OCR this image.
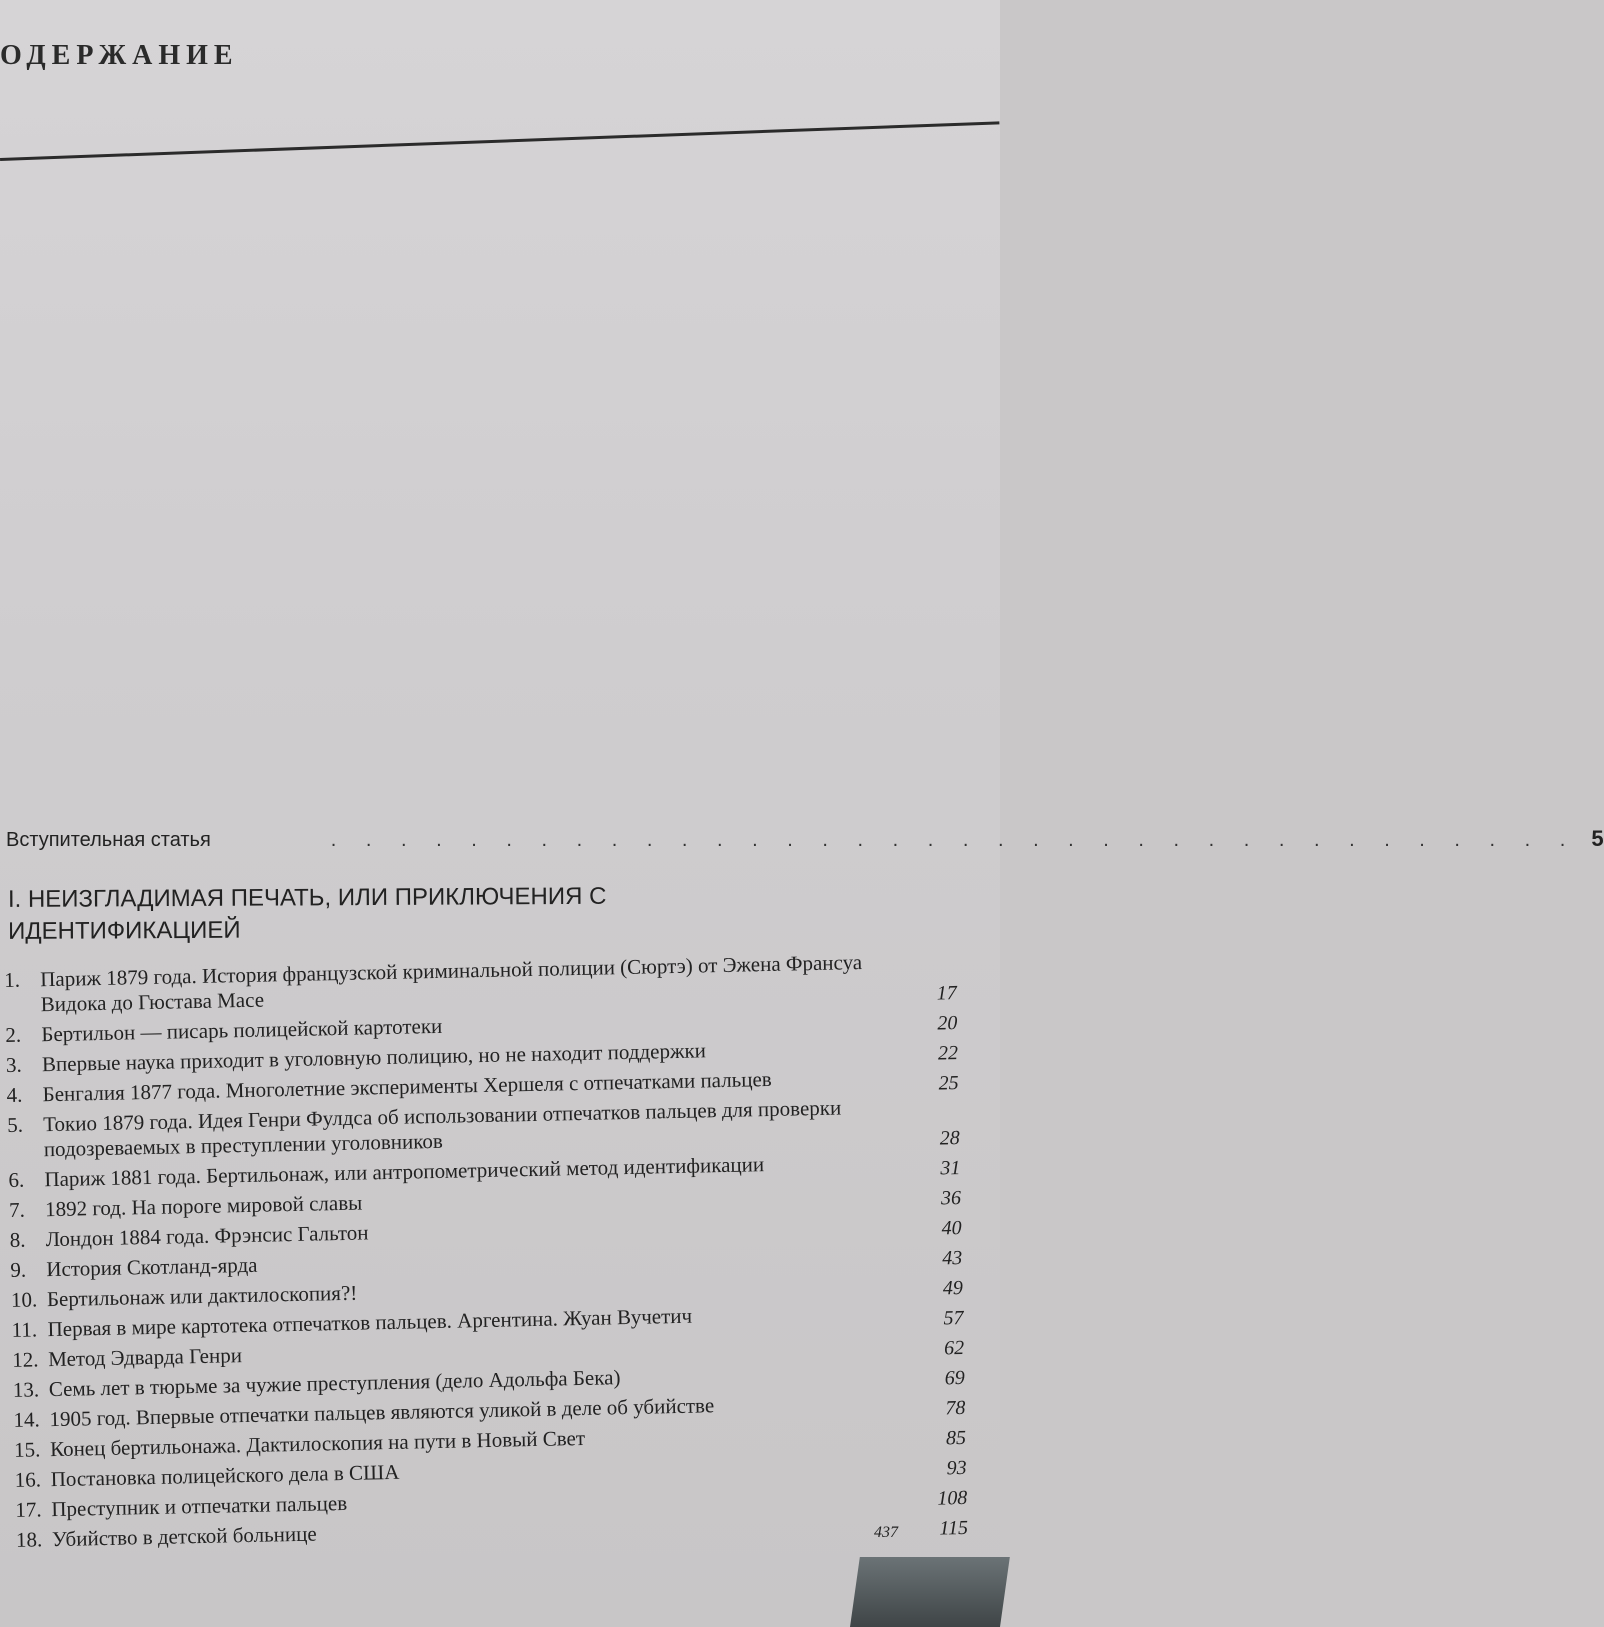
ОДЕРЖАНИЕ
Вступительная статья	. . . . . . . . . . . . . . . . . . . . . . . . . . . . . . . . . . . . 5
I. НЕИЗГЛАДИМАЯ ПЕЧАТЬ, ИЛИ ПРИКЛЮЧЕНИЯ С ИДЕНТИФИКАЦИЕЙ
1. Париж 1879 года. История французской криминальной полиции (Сюртэ) от Эжена Франсуа Видока до Гюстава Масе	17
2. Бертильон — писарь полицейской картотеки	20
3. Впервые наука приходит в уголовную полицию, но не находит поддержки	22
4. Бенгалия 1877 года. Многолетние эксперименты Хершеля с отпечатками пальцев	25
5. Токио 1879 года. Идея Генри Фулдса об использовании отпечатков пальцев для проверки подозреваемых в преступлении уголовников	28
6. Париж 1881 года. Бертильонаж, или антропометрический метод идентификации	31
7. 1892 год. На пороге мировой славы	36
8. Лондон 1884 года. Фрэнсис Гальтон	40
9. История Скотланд-ярда	43
10. Бертильонаж или дактилоскопия?!	49
11. Первая в мире картотека отпечатков пальцев. Аргентина. Жуан Вучетич	57
12. Метод Эдварда Генри	62
13. Семь лет в тюрьме за чужие преступления (дело Адольфа Бека)	69
14. 1905 год. Впервые отпечатки пальцев являются уликой в деле об убийстве	78
15. Конец бертильонажа. Дактилоскопия на пути в Новый Свет	85
16. Постановка полицейского дела в США	93
17. Преступник и отпечатки пальцев	108
18. Убийство в детской больнице	115
437
